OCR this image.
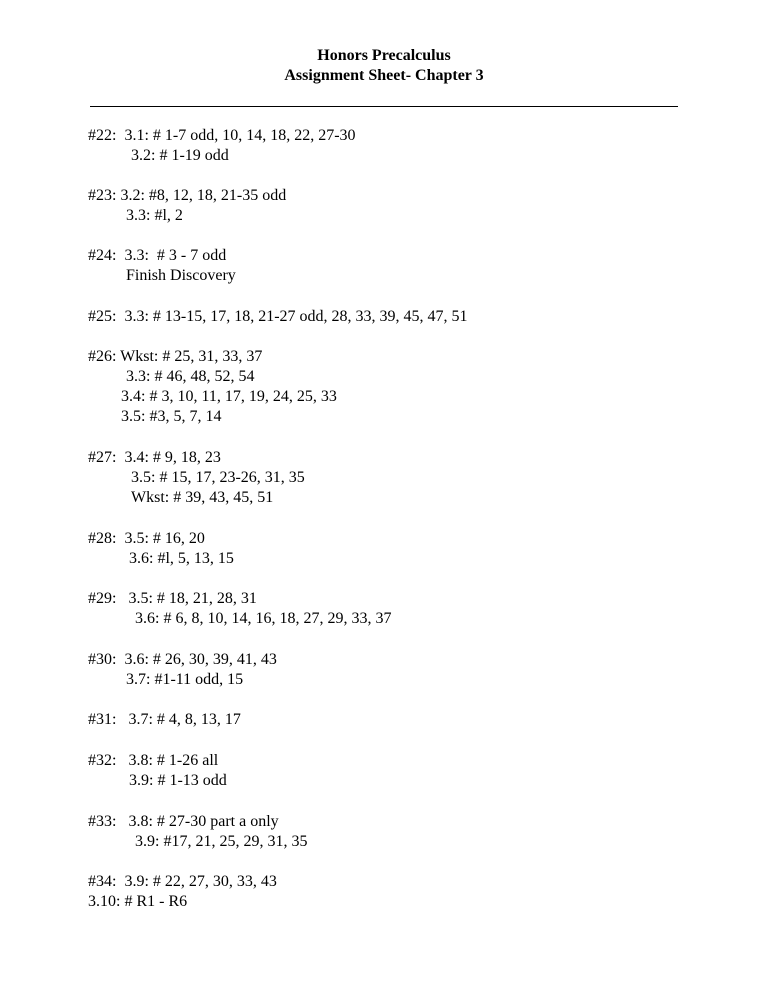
Honors Precalculus
Assignment Sheet- Chapter 3
#22:  3.1: # 1-7 odd, 10, 14, 18, 22, 27-30
3.2: # 1-19 odd
#23: 3.2: #8, 12, 18, 21-35 odd
3.3: #l, 2
#24:  3.3:  # 3 - 7 odd
Finish Discovery
#25:  3.3: # 13-15, 17, 18, 21-27 odd, 28, 33, 39, 45, 47, 51
#26: Wkst: # 25, 31, 33, 37
3.3: # 46, 48, 52, 54
3.4: # 3, 10, 11, 17, 19, 24, 25, 33
3.5: #3, 5, 7, 14
#27:  3.4: # 9, 18, 23
3.5: # 15, 17, 23-26, 31, 35
Wkst: # 39, 43, 45, 51
#28:  3.5: # 16, 20
3.6: #l, 5, 13, 15
#29:   3.5: # 18, 21, 28, 31
3.6: # 6, 8, 10, 14, 16, 18, 27, 29, 33, 37
#30:  3.6: # 26, 30, 39, 41, 43
3.7: #1-11 odd, 15
#31:   3.7: # 4, 8, 13, 17
#32:   3.8: # 1-26 all
3.9: # 1-13 odd
#33:   3.8: # 27-30 part a only
3.9: #17, 21, 25, 29, 31, 35
#34:  3.9: # 22, 27, 30, 33, 43
3.10: # R1 - R6
